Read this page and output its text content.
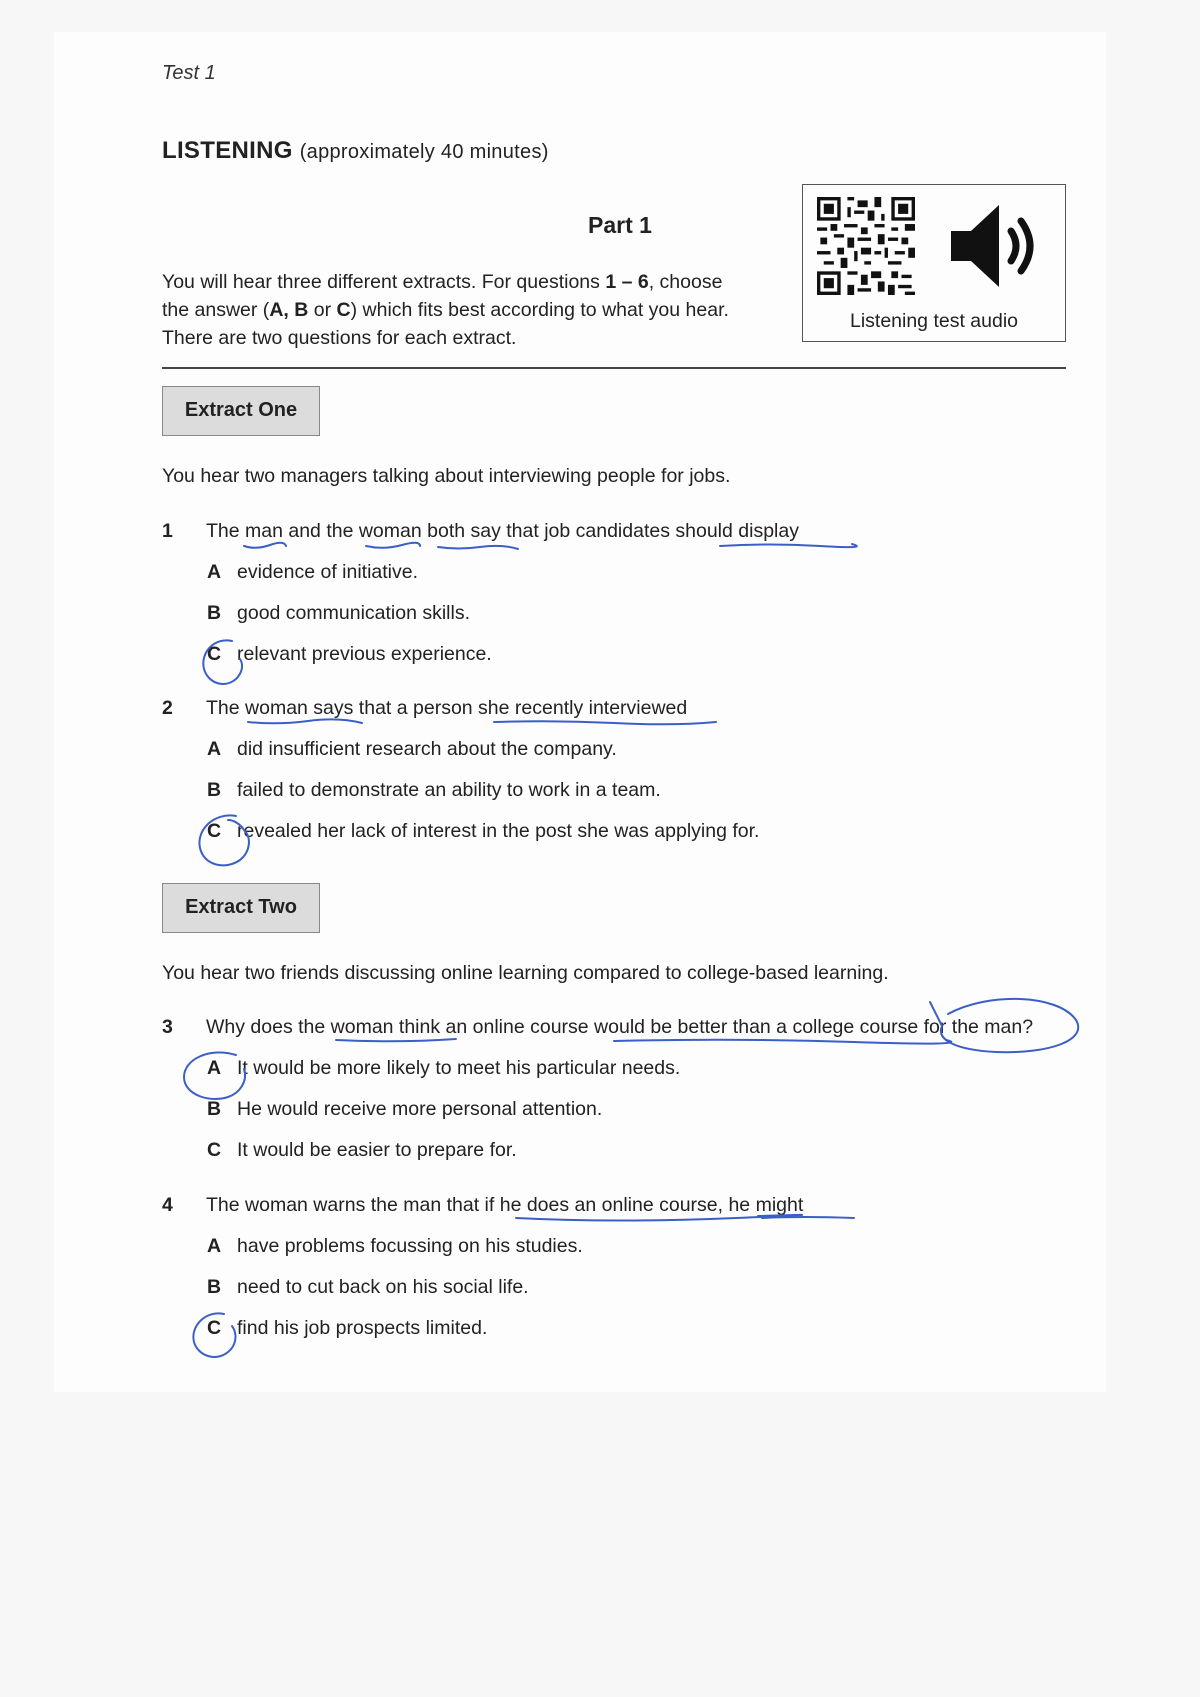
Test 1
LISTENING (approximately 40 minutes)
Part 1
You will hear three different extracts. For questions 1 – 6, choose
the answer (A, B or C) which fits best according to what you hear.
There are two questions for each extract.
Listening test audio
Extract One
You hear two managers talking about interviewing people for jobs.
1 The man and the woman both say that job candidates should display
A evidence of initiative.
B good communication skills.
C relevant previous experience.
2 The woman says that a person she recently interviewed
A did insufficient research about the company.
B failed to demonstrate an ability to work in a team.
C revealed her lack of interest in the post she was applying for.
Extract Two
You hear two friends discussing online learning compared to college-based learning.
3 Why does the woman think an online course would be better than a college course for the man?
A It would be more likely to meet his particular needs.
B He would receive more personal attention.
C It would be easier to prepare for.
4 The woman warns the man that if he does an online course, he might
A have problems focussing on his studies.
B need to cut back on his social life.
C find his job prospects limited.
